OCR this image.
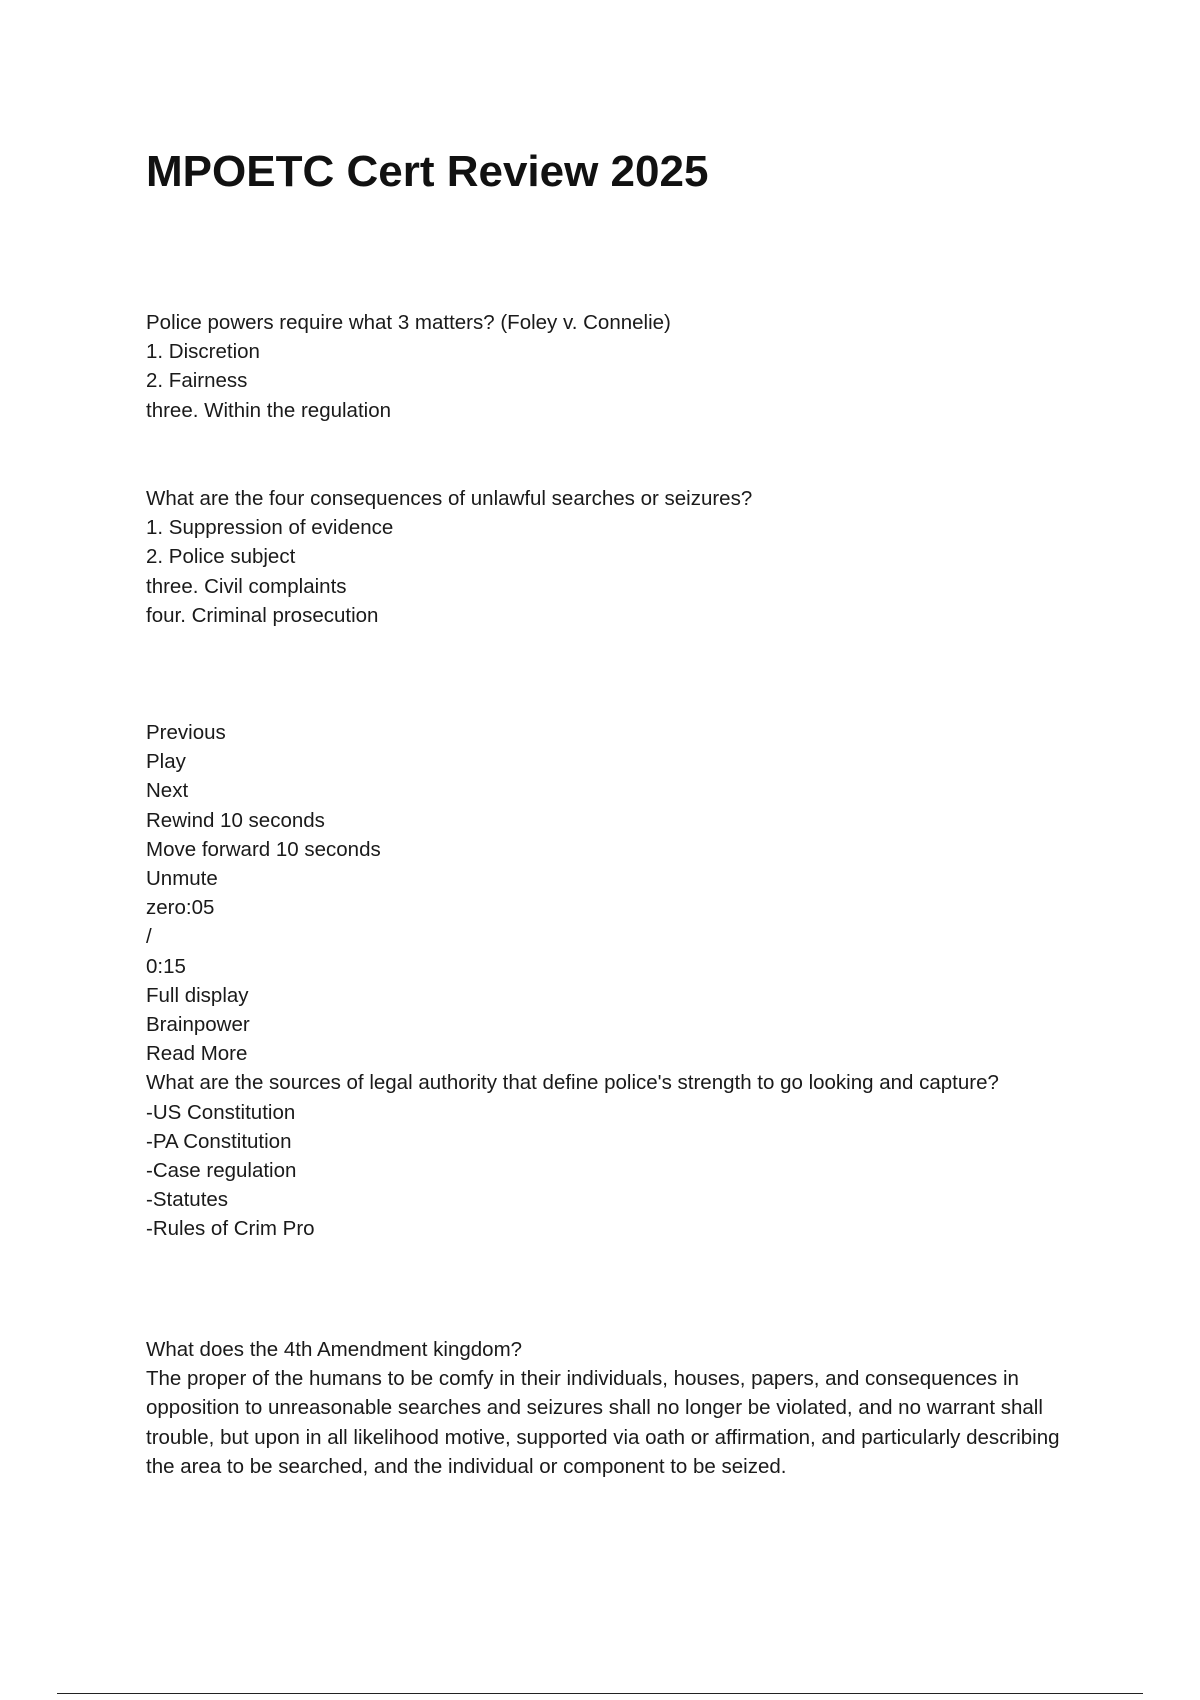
MPOETC Cert Review 2025
Police powers require what 3 matters? (Foley v. Connelie)
1. Discretion
2. Fairness
three. Within the regulation
What are the four consequences of unlawful searches or seizures?
1. Suppression of evidence
2. Police subject
three. Civil complaints
four. Criminal prosecution
Previous
Play
Next
Rewind 10 seconds
Move forward 10 seconds
Unmute
zero:05
/
0:15
Full display
Brainpower
Read More
What are the sources of legal authority that define police's strength to go looking and capture?
-US Constitution
-PA Constitution
-Case regulation
-Statutes
-Rules of Crim Pro
What does the 4th Amendment kingdom?
The proper of the humans to be comfy in their individuals, houses, papers, and consequences in opposition to unreasonable searches and seizures shall no longer be violated, and no warrant shall trouble, but upon in all likelihood motive, supported via oath or affirmation, and particularly describing the area to be searched, and the individual or component to be seized.
